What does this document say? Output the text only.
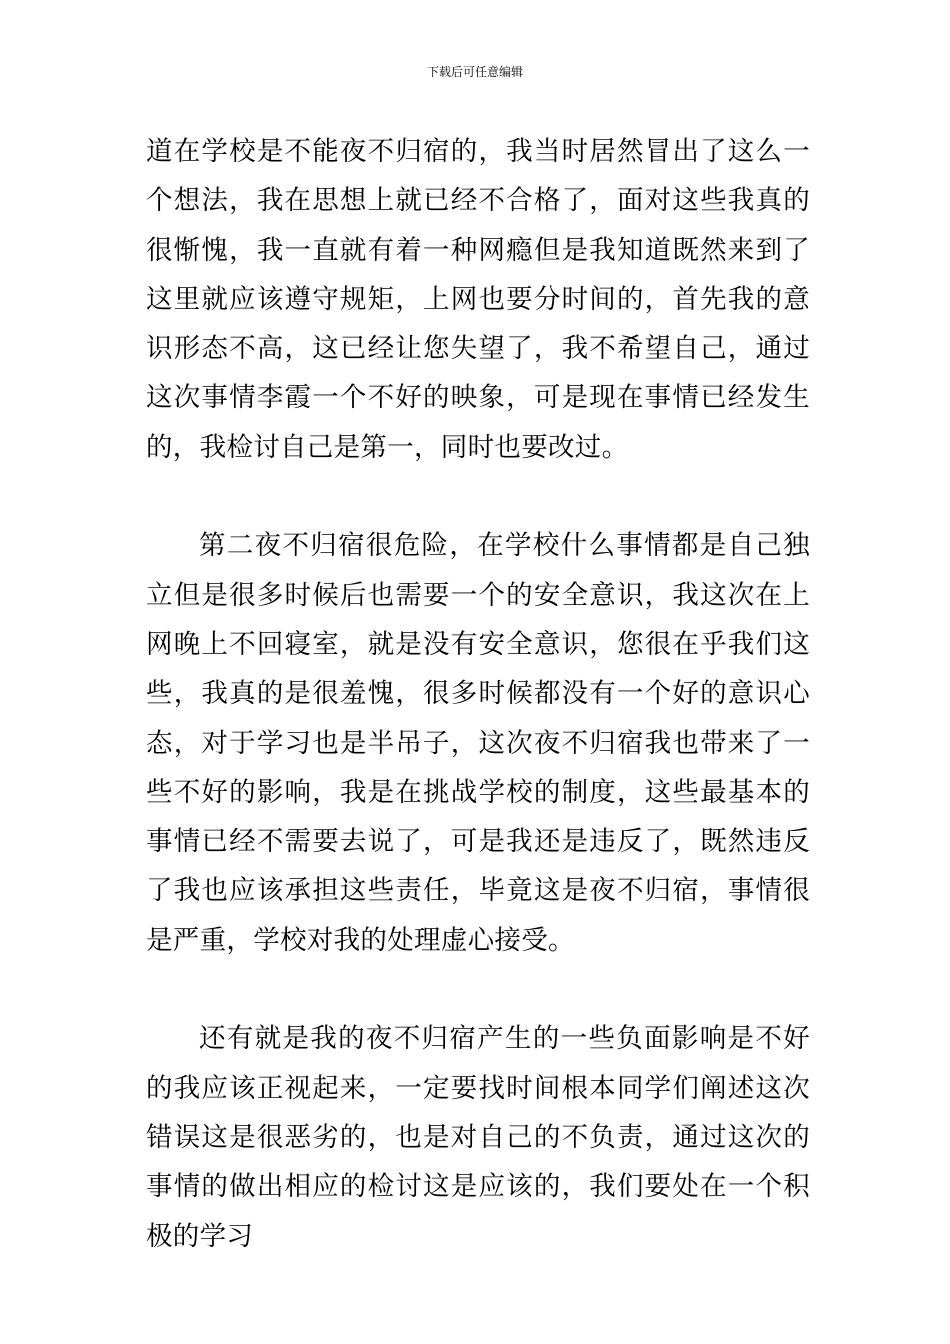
下载后可任意编辑

道在学校是不能夜不归宿的，我当时居然冒出了这么一个想法，我在思想上就已经不合格了，面对这些我真的很惭愧，我一直就有着一种网瘾但是我知道既然来到了这里就应该遵守规矩，上网也要分时间的，首先我的意识形态不高，这已经让您失望了，我不希望自己，通过这次事情李霞一个不好的映象，可是现在事情已经发生的，我检讨自己是第一，同时也要改过。

第二夜不归宿很危险，在学校什么事情都是自己独立但是很多时候后也需要一个的安全意识，我这次在上网晚上不回寝室，就是没有安全意识，您很在乎我们这些，我真的是很羞愧，很多时候都没有一个好的意识心态，对于学习也是半吊子，这次夜不归宿我也带来了一些不好的影响，我是在挑战学校的制度，这些最基本的事情已经不需要去说了，可是我还是违反了，既然违反了我也应该承担这些责任，毕竟这是夜不归宿，事情很是严重，学校对我的处理虚心接受。

还有就是我的夜不归宿产生的一些负面影响是不好的我应该正视起来，一定要找时间根本同学们阐述这次错误这是很恶劣的，也是对自己的不负责，通过这次的事情的做出相应的检讨这是应该的，我们要处在一个积极的学习
